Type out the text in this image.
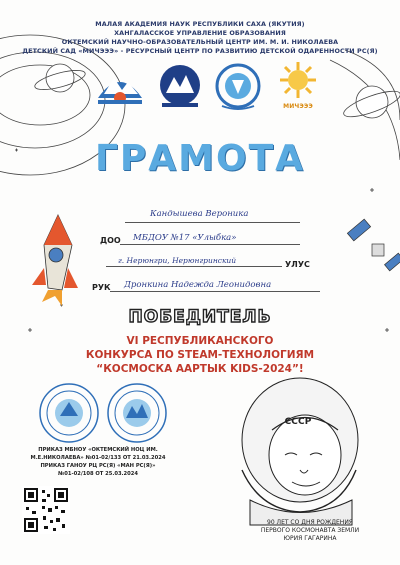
МАЛАЯ АКАДЕМИЯ НАУК РЕСПУБЛИКИ САХА (ЯКУТИЯ)
ХАНГАЛАССКОЕ УПРАВЛЕНИЕ ОБРАЗОВАНИЯ
ОКТЕМСКИЙ НАУЧНО-ОБРАЗОВАТЕЛЬНЫЙ ЦЕНТР ИМ. М. И. НИКОЛАЕВА
ДЕТСКИЙ САД «МИЧЭЭЭ» - РЕСУРСНЫЙ ЦЕНТР ПО РАЗВИТИЮ ДЕТСКОЙ ОДАРЕННОСТИ РС(Я)
МИЧЭЭЭ
ГРАМОТА
Кандышева Вероника
ДОО МБДОУ №17 «Улыбка»
г. Нерюнгри, Нерюнгринский	УЛУС
РУК Дронкина Надежда Леонидовна
ПОБЕДИТЕЛЬ
VI РЕСПУБЛИКАНСКОГО
КОНКУРСА ПО STEAM-ТЕХНОЛОГИЯМ
“КОСМОСКА ААРТЫК KIDS-2024”!
ПРИКАЗ МБНОУ «ОКТЕМСКИЙ НОЦ ИМ.
М.Е.НИКОЛАЕВА» №01-02/133 ОТ 21.03.2024
ПРИКАЗ ГАНОУ РЦ РС(Я) «МАН РС(Я)»
№01-02/108 ОТ 25.03.2024
90 ЛЕТ СО ДНЯ РОЖДЕНИЯ
ПЕРВОГО КОСМОНАВТА ЗЕМЛИ
ЮРИЯ ГАГАРИНА
СССР
